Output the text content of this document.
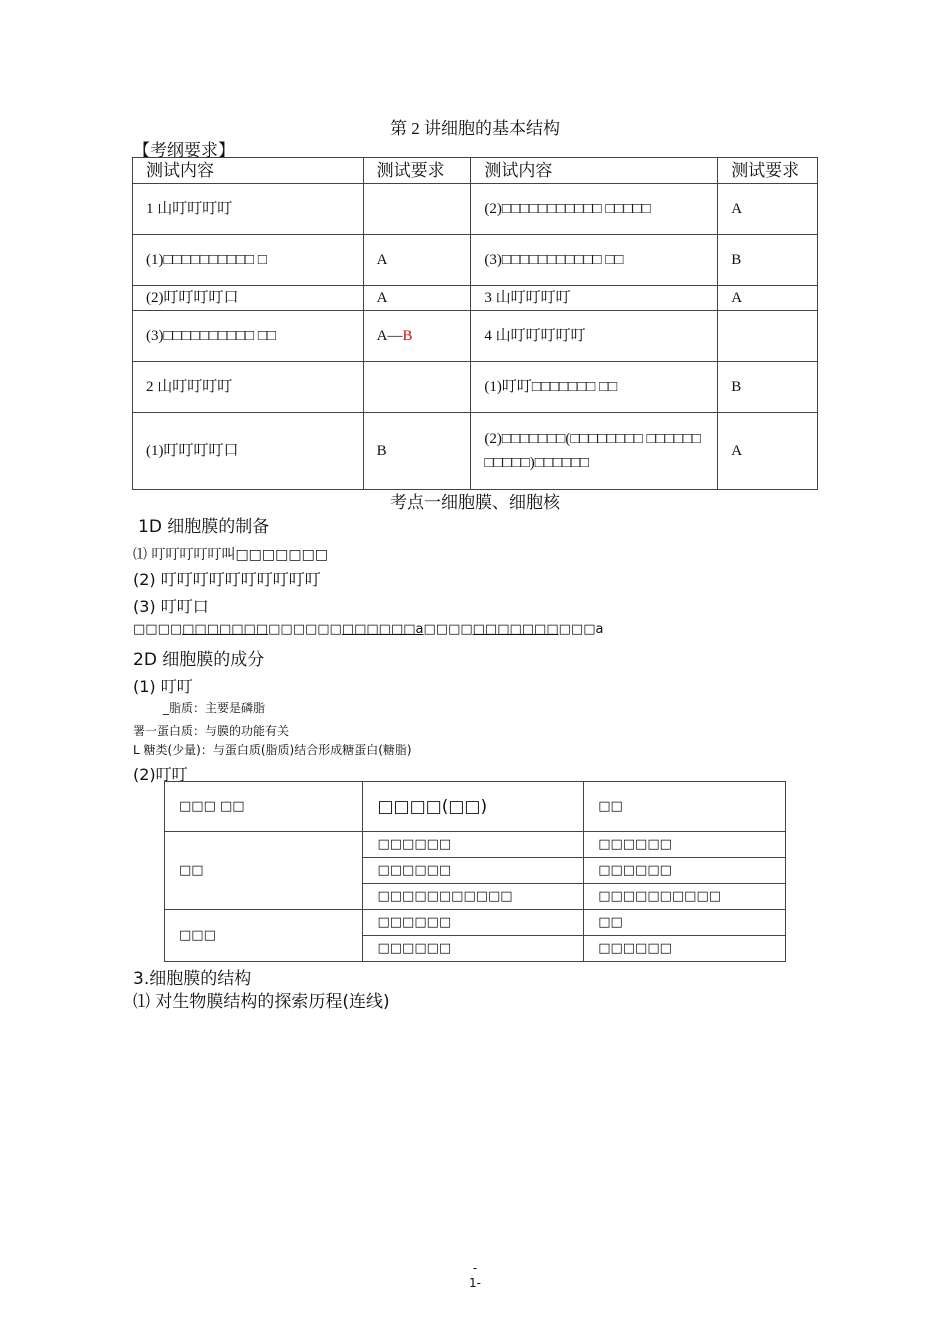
第 2 讲细胞的基本结构
【考纲要求】
测试内容	测试要求	测试内容	测试要求
1 山叮叮叮叮		(2)□□□□□□□□□□□ □□□□□	A
(1)□□□□□□□□□□ □	A	(3)□□□□□□□□□□□ □□	B
(2)叮叮叮叮口	A	3 山叮叮叮叮	A
(3)□□□□□□□□□□ □□	A—B	4 山叮叮叮叮叮	
2 山叮叮叮叮		(1)叮叮□□□□□□□ □□	B
(1)叮叮叮叮口	B	(2)□□□□□□□(□□□□□□□□ □□□□□□ □□□□□)□□□□□□	A
考点一细胞膜、细胞核
1D 细胞膜的制备
⑴ 叮叮叮叮叮叫□□□□□□□
(2) 叮叮叮叮叮叮叮叮叮叮
(3) 叮叮口
□□□□□□□□□□□□□□□□□□□□□□□a□□□□□□□□□□□□□□a
2D 细胞膜的成分
(1) 叮叮
_脂质：主要是磷脂
署一蛋白质：与膜的功能有关
L 糖类(少量)：与蛋白质(脂质)结合形成糖蛋白(糖脂)
(2)叮叮
□□□ □□	□□□□(□□)	□□
□□	□□□□□□	□□□□□□
	□□□□□□	□□□□□□
	□□□□□□□□□□□	□□□□□□□□□□
□□□	□□□□□□	□□
	□□□□□□	□□□□□□
3.细胞膜的结构
⑴ 对生物膜结构的探索历程(连线)
-
1-
